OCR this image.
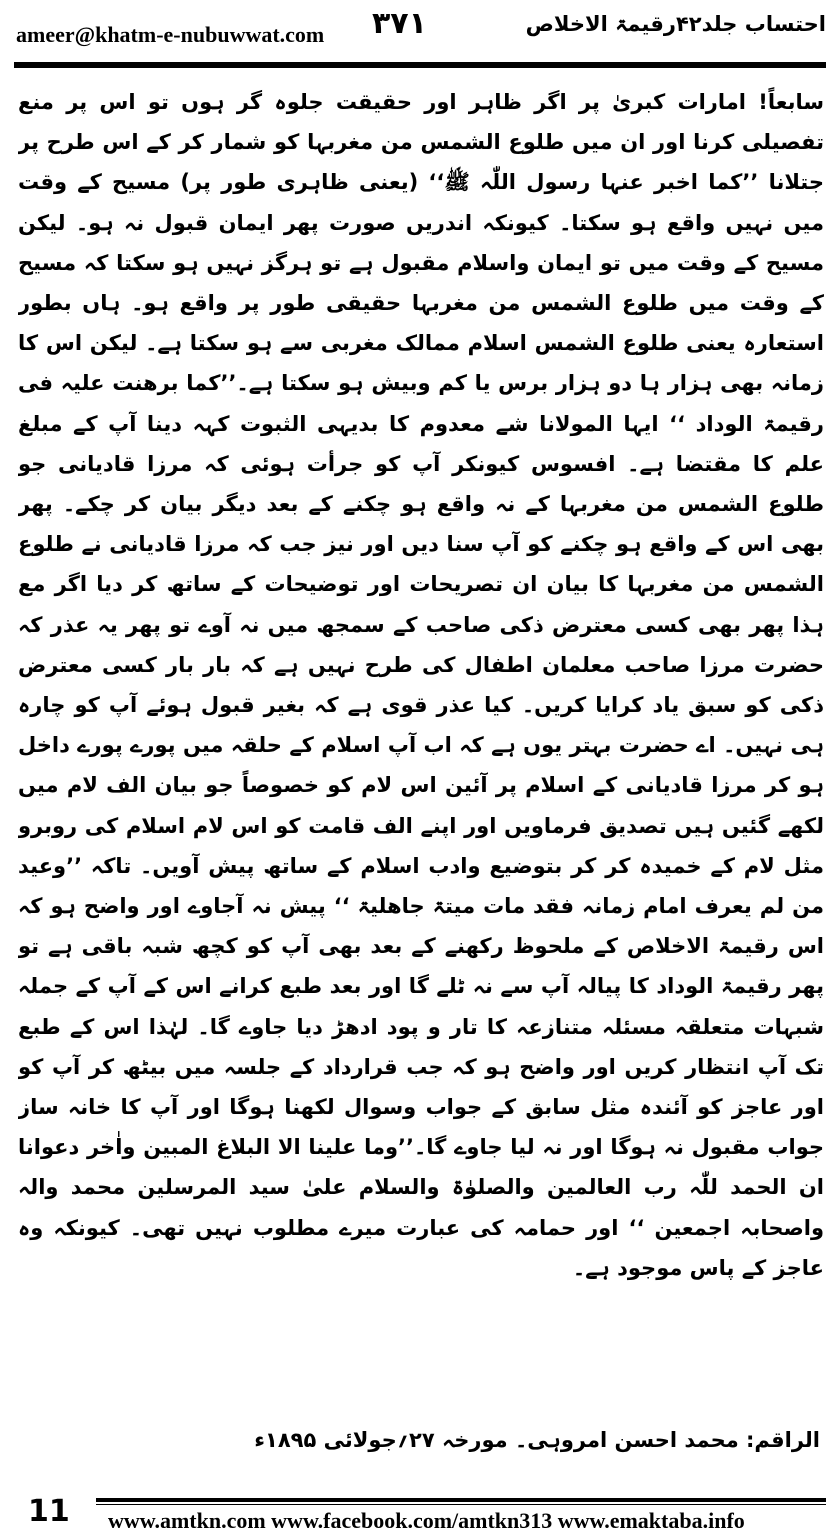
ameer@khatm-e-nubuwwat.com ۳۷۱	احتساب جلد۴۲رقیمۃ الاخلاص

سابعاً! امارات کبریٰ پر اگر ظاہر اور حقیقت جلوہ گر ہوں تو اس پر منع تفصیلی کرنا اور ان میں طلوع الشمس من مغربہا کو شمار کر کے اس طرح پر جتلانا ’’کما اخبر عنہا رسول اللّٰہ ﷺ‘‘ (یعنی ظاہری طور پر) مسیح کے وقت میں نہیں واقع ہو سکتا۔ کیونکہ اندریں صورت پھر ایمان قبول نہ ہو۔ لیکن مسیح کے وقت میں تو ایمان واسلام مقبول ہے تو ہرگز نہیں ہو سکتا کہ مسیح کے وقت میں طلوع الشمس من مغربہا حقیقی طور پر واقع ہو۔ ہاں بطور استعارہ یعنی طلوع الشمس اسلام ممالک مغربی سے ہو سکتا ہے۔ لیکن اس کا زمانہ بھی ہزار ہا دو ہزار برس یا کم وبیش ہو سکتا ہے۔’’کما برھنت علیہ فی رقیمۃ الوداد ‘‘ ایہا المولانا شے معدوم کا بدیہی الثبوت کہہ دینا آپ کے مبلغ علم کا مقتضا ہے۔ افسوس کیونکر آپ کو جرأت ہوئی کہ مرزا قادیانی جو طلوع الشمس من مغربہا کے نہ واقع ہو چکنے کے بعد دیگر بیان کر چکے۔ پھر بھی اس کے واقع ہو چکنے کو آپ سنا دیں اور نیز جب کہ مرزا قادیانی نے طلوع الشمس من مغربہا کا بیان ان تصریحات اور توضیحات کے ساتھ کر دیا اگر مع ہذا پھر بھی کسی معترض ذکی صاحب کے سمجھ میں نہ آوے تو پھر یہ عذر کہ حضرت مرزا صاحب معلمان اطفال کی طرح نہیں ہے کہ بار بار کسی معترض ذکی کو سبق یاد کرایا کریں۔ کیا عذر قوی ہے کہ بغیر قبول ہوئے آپ کو چارہ ہی نہیں۔ اے حضرت بہتر یوں ہے کہ اب آپ اسلام کے حلقہ میں پورے پورے داخل ہو کر مرزا قادیانی کے اسلام پر آئین اس لام کو خصوصاً جو بیان الف لام میں لکھے گئیں ہیں تصدیق فرماویں اور اپنے الف قامت کو اس لام اسلام کی روبرو مثل لام کے خمیدہ کر کر بتوضیع وادب اسلام کے ساتھ پیش آویں۔ تاکہ ’’وعید من لم یعرف امام زمانہ فقد مات میتۃ جاھلیۃ ‘‘ پیش نہ آجاوے اور واضح ہو کہ اس رقیمۃ الاخلاص کے ملحوظ رکھنے کے بعد بھی آپ کو کچھ شبہ باقی ہے تو پھر رقیمۃ الوداد کا پیالہ آپ سے نہ ٹلے گا اور بعد طبع کرانے اس کے آپ کے جملہ شبہات متعلقہ مسئلہ متنازعہ کا تار و پود ادھڑ دیا جاوے گا۔ لہٰذا اس کے طبع تک آپ انتظار کریں اور واضح ہو کہ جب قرارداد کے جلسہ میں بیٹھ کر آپ کو اور عاجز کو آئندہ مثل سابق کے جواب وسوال لکھنا ہوگا اور آپ کا خانہ ساز جواب مقبول نہ ہوگا اور نہ لیا جاوے گا۔’’وما علینا الا البلاغ المبین واٰخر دعوانا ان الحمد للّٰہ رب العالمین والصلوٰۃ والسلام علیٰ سید المرسلین محمد والہ واصحابہ اجمعین ‘‘ اور حمامہ کی عبارت میرے مطلوب نہیں تھی۔ کیونکہ وہ عاجز کے پاس موجود ہے۔

الراقم: محمد احسن امروہی۔ مورخہ ۲۷؍جولائی ۱۸۹۵ء
11 www.amtkn.com www.facebook.com/amtkn313 www.emaktaba.info
